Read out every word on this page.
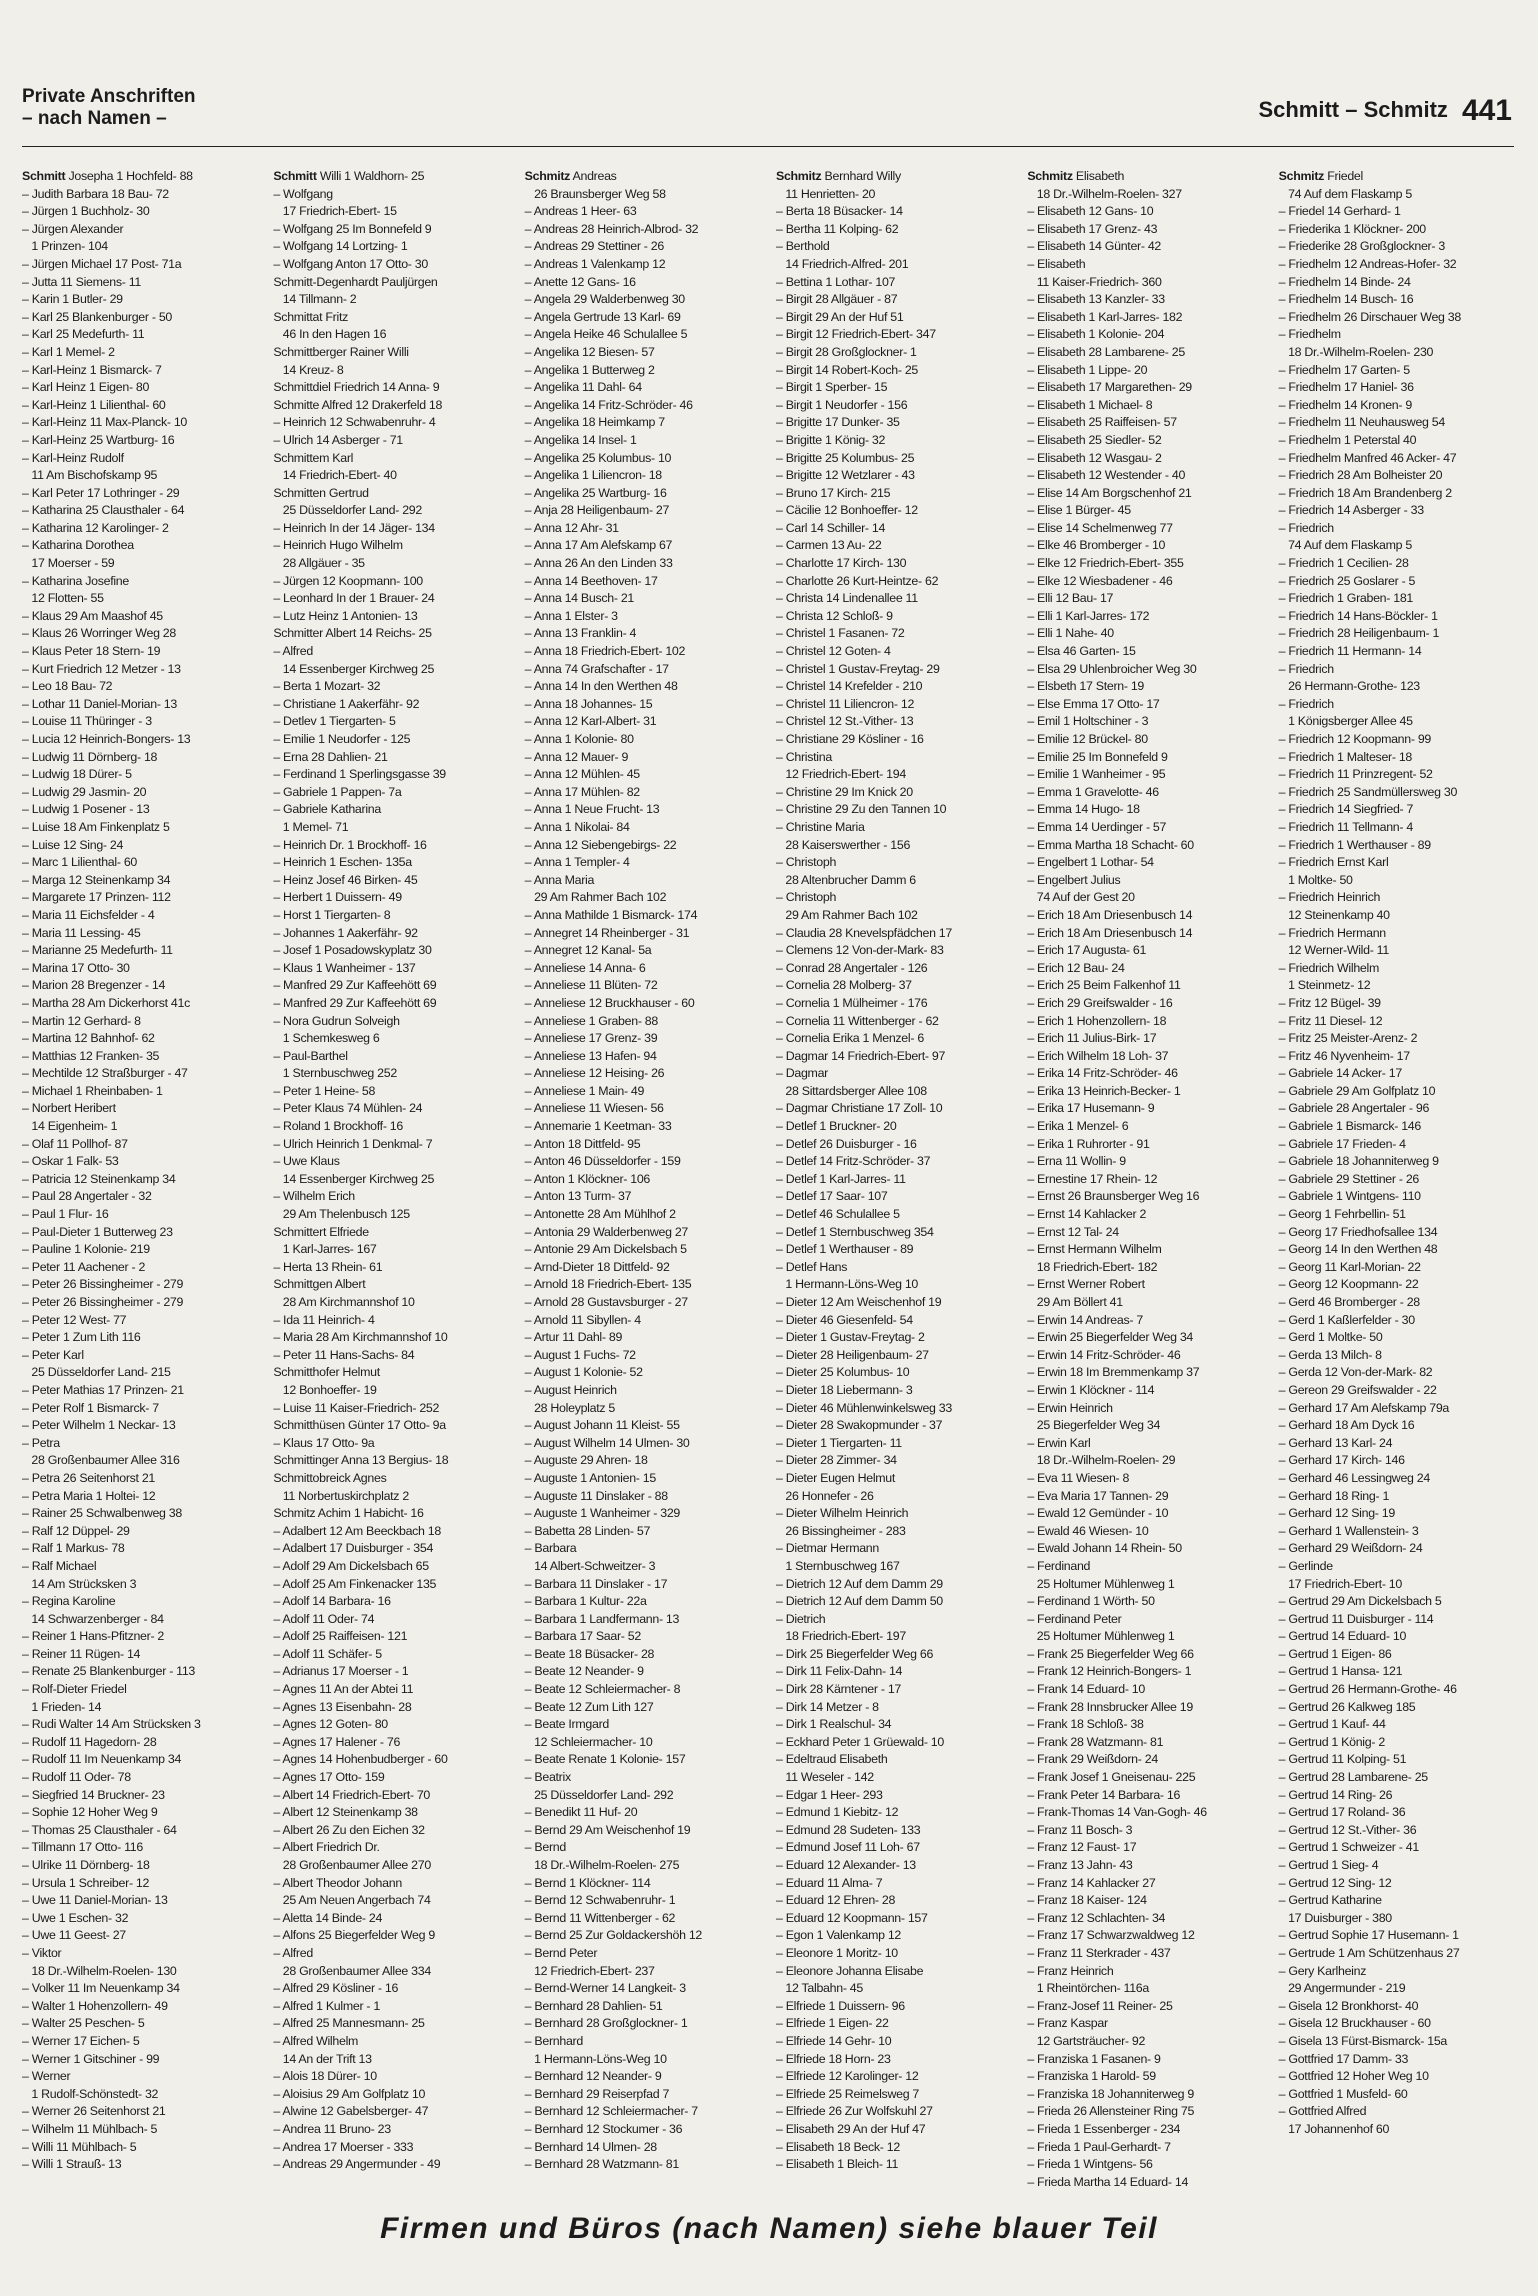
Private Anschriften
– nach Namen –	Schmitt – Schmitz 441
Schmitt Josepha 1 Hochfeld- 88
– Judith Barbara 18 Bau- 72
– Jürgen 1 Buchholz- 30
– Jürgen Alexander
1 Prinzen- 104
– Jürgen Michael 17 Post- 71a
– Jutta 11 Siemens- 11
– Karin 1 Butler- 29
– Karl 25 Blankenburger - 50
– Karl 25 Medefurth- 11
– Karl 1 Memel- 2
– Karl-Heinz 1 Bismarck- 7
– Karl Heinz 1 Eigen- 80
– Karl-Heinz 1 Lilienthal- 60
– Karl-Heinz 11 Max-Planck- 10
– Karl-Heinz 25 Wartburg- 16
– Karl-Heinz Rudolf
11 Am Bischofskamp 95
– Karl Peter 17 Lothringer - 29
– Katharina 25 Clausthaler - 64
– Katharina 12 Karolinger- 2
– Katharina Dorothea
17 Moerser - 59
– Katharina Josefine
12 Flotten- 55
– Klaus 29 Am Maashof 45
– Klaus 26 Worringer Weg 28
– Klaus Peter 18 Stern- 19
– Kurt Friedrich 12 Metzer - 13
– Leo 18 Bau- 72
– Lothar 11 Daniel-Morian- 13
– Louise 11 Thüringer - 3
– Lucia 12 Heinrich-Bongers- 13
– Ludwig 11 Dörnberg- 18
– Ludwig 18 Dürer- 5
– Ludwig 29 Jasmin- 20
– Ludwig 1 Posener - 13
– Luise 18 Am Finkenplatz 5
– Luise 12 Sing- 24
– Marc 1 Lilienthal- 60
– Marga 12 Steinenkamp 34
– Margarete 17 Prinzen- 112
– Maria 11 Eichsfelder - 4
– Maria 11 Lessing- 45
– Marianne 25 Medefurth- 11
– Marina 17 Otto- 30
– Marion 28 Bregenzer - 14
– Martha 28 Am Dickerhorst 41c
– Martin 12 Gerhard- 8
– Martina 12 Bahnhof- 62
– Matthias 12 Franken- 35
– Mechtilde 12 Straßburger - 47
– Michael 1 Rheinbaben- 1
– Norbert Heribert
14 Eigenheim- 1
– Olaf 11 Pollhof- 87
– Oskar 1 Falk- 53
– Patricia 12 Steinenkamp 34
– Paul 28 Angertaler - 32
– Paul 1 Flur- 16
– Paul-Dieter 1 Butterweg 23
– Pauline 1 Kolonie- 219
– Peter 11 Aachener - 2
– Peter 26 Bissingheimer - 279
– Peter 26 Bissingheimer - 279
– Peter 12 West- 77
– Peter 1 Zum Lith 116
– Peter Karl
25 Düsseldorfer Land- 215
– Peter Mathias 17 Prinzen- 21
– Peter Rolf 1 Bismarck- 7
– Peter Wilhelm 1 Neckar- 13
– Petra
28 Großenbaumer Allee 316
– Petra 26 Seitenhorst 21
– Petra Maria 1 Holtei- 12
– Rainer 25 Schwalbenweg 38
– Ralf 12 Düppel- 29
– Ralf 1 Markus- 78
– Ralf Michael
14 Am Strücksken 3
– Regina Karoline
14 Schwarzenberger - 84
– Reiner 1 Hans-Pfitzner- 2
– Reiner 11 Rügen- 14
– Renate 25 Blankenburger - 113
– Rolf-Dieter Friedel
1 Frieden- 14
– Rudi Walter 14 Am Strücksken 3
– Rudolf 11 Hagedorn- 28
– Rudolf 11 Im Neuenkamp 34
– Rudolf 11 Oder- 78
– Siegfried 14 Bruckner- 23
– Sophie 12 Hoher Weg 9
– Thomas 25 Clausthaler - 64
– Tillmann 17 Otto- 116
– Ulrike 11 Dörnberg- 18
– Ursula 1 Schreiber- 12
– Uwe 11 Daniel-Morian- 13
– Uwe 1 Eschen- 32
– Uwe 11 Geest- 27
– Viktor
18 Dr.-Wilhelm-Roelen- 130
– Volker 11 Im Neuenkamp 34
– Walter 1 Hohenzollern- 49
– Walter 25 Peschen- 5
– Werner 17 Eichen- 5
– Werner 1 Gitschiner - 99
– Werner
1 Rudolf-Schönstedt- 32
– Werner 26 Seitenhorst 21
– Wilhelm 11 Mühlbach- 5
– Willi 11 Mühlbach- 5
– Willi 1 Strauß- 13
Schmitt Willi 1 Waldhorn- 25
– Wolfgang
17 Friedrich-Ebert- 15
– Wolfgang 25 Im Bonnefeld 9
– Wolfgang 14 Lortzing- 1
– Wolfgang Anton 17 Otto- 30
Schmitt-Degenhardt Pauljürgen
14 Tillmann- 2
Schmittat Fritz
46 In den Hagen 16
Schmittberger Rainer Willi
14 Kreuz- 8
Schmittdiel Friedrich 14 Anna- 9
Schmitte Alfred 12 Drakerfeld 18
– Heinrich 12 Schwabenruhr- 4
– Ulrich 14 Asberger - 71
Schmittem Karl
14 Friedrich-Ebert- 40
Schmitten Gertrud
25 Düsseldorfer Land- 292
– Heinrich In der 14 Jäger- 134
– Heinrich Hugo Wilhelm
28 Allgäuer - 35
– Jürgen 12 Koopmann- 100
– Leonhard In der 1 Brauer- 24
– Lutz Heinz 1 Antonien- 13
Schmitter Albert 14 Reichs- 25
– Alfred
14 Essenberger Kirchweg 25
– Berta 1 Mozart- 32
– Christiane 1 Aakerfähr- 92
– Detlev 1 Tiergarten- 5
– Emilie 1 Neudorfer - 125
– Erna 28 Dahlien- 21
– Ferdinand 1 Sperlingsgasse 39
– Gabriele 1 Pappen- 7a
– Gabriele Katharina
1 Memel- 71
– Heinrich Dr. 1 Brockhoff- 16
– Heinrich 1 Eschen- 135a
– Heinz Josef 46 Birken- 45
– Herbert 1 Duissern- 49
– Horst 1 Tiergarten- 8
– Johannes 1 Aakerfähr- 92
– Josef 1 Posadowskyplatz 30
– Klaus 1 Wanheimer - 137
– Manfred 29 Zur Kaffeehött 69
– Manfred 29 Zur Kaffeehött 69
– Nora Gudrun Solveigh
1 Schemkesweg 6
– Paul-Barthel
1 Sternbuschweg 252
– Peter 1 Heine- 58
– Peter Klaus 74 Mühlen- 24
– Roland 1 Brockhoff- 16
– Ulrich Heinrich 1 Denkmal- 7
– Uwe Klaus
14 Essenberger Kirchweg 25
– Wilhelm Erich
29 Am Thelenbusch 125
Schmittert Elfriede
1 Karl-Jarres- 167
– Herta 13 Rhein- 61
Schmittgen Albert
28 Am Kirchmannshof 10
– Ida 11 Heinrich- 4
– Maria 28 Am Kirchmannshof 10
– Peter 11 Hans-Sachs- 84
Schmitthofer Helmut
12 Bonhoeffer- 19
– Luise 11 Kaiser-Friedrich- 252
Schmitthüsen Günter 17 Otto- 9a
– Klaus 17 Otto- 9a
Schmittinger Anna 13 Bergius- 18
Schmittobreick Agnes
11 Norbertuskirchplatz 2
Schmitz Achim 1 Habicht- 16
– Adalbert 12 Am Beeckbach 18
– Adalbert 17 Duisburger - 354
– Adolf 29 Am Dickelsbach 65
– Adolf 25 Am Finkenacker 135
– Adolf 14 Barbara- 16
– Adolf 11 Oder- 74
– Adolf 25 Raiffeisen- 121
– Adolf 11 Schäfer- 5
– Adrianus 17 Moerser - 1
– Agnes 11 An der Abtei 11
– Agnes 13 Eisenbahn- 28
– Agnes 12 Goten- 80
– Agnes 17 Halener - 76
– Agnes 14 Hohenbudberger - 60
– Agnes 17 Otto- 159
– Albert 14 Friedrich-Ebert- 70
– Albert 12 Steinenkamp 38
– Albert 26 Zu den Eichen 32
– Albert Friedrich Dr.
28 Großenbaumer Allee 270
– Albert Theodor Johann
25 Am Neuen Angerbach 74
– Aletta 14 Binde- 24
– Alfons 25 Biegerfelder Weg 9
– Alfred
28 Großenbaumer Allee 334
– Alfred 29 Kösliner - 16
– Alfred 1 Kulmer - 1
– Alfred 25 Mannesmann- 25
– Alfred Wilhelm
14 An der Trift 13
– Alois 18 Dürer- 10
– Aloisius 29 Am Golfplatz 10
– Alwine 12 Gabelsberger- 47
– Andrea 11 Bruno- 23
– Andrea 17 Moerser - 333
– Andreas 29 Angermunder - 49
Schmitz Andreas
26 Braunsberger Weg 58
– Andreas 1 Heer- 63
– Andreas 28 Heinrich-Albrod- 32
– Andreas 29 Stettiner - 26
– Andreas 1 Valenkamp 12
– Anette 12 Gans- 16
– Angela 29 Walderbenweg 30
– Angela Gertrude 13 Karl- 69
– Angela Heike 46 Schulallee 5
– Angelika 12 Biesen- 57
– Angelika 1 Butterweg 2
– Angelika 11 Dahl- 64
– Angelika 14 Fritz-Schröder- 46
– Angelika 18 Heimkamp 7
– Angelika 14 Insel- 1
– Angelika 25 Kolumbus- 10
– Angelika 1 Liliencron- 18
– Angelika 25 Wartburg- 16
– Anja 28 Heiligenbaum- 27
– Anna 12 Ahr- 31
– Anna 17 Am Alefskamp 67
– Anna 26 An den Linden 33
– Anna 14 Beethoven- 17
– Anna 14 Busch- 21
– Anna 1 Elster- 3
– Anna 13 Franklin- 4
– Anna 18 Friedrich-Ebert- 102
– Anna 74 Grafschafter - 17
– Anna 14 In den Werthen 48
– Anna 18 Johannes- 15
– Anna 12 Karl-Albert- 31
– Anna 1 Kolonie- 80
– Anna 12 Mauer- 9
– Anna 12 Mühlen- 45
– Anna 17 Mühlen- 82
– Anna 1 Neue Frucht- 13
– Anna 1 Nikolai- 84
– Anna 12 Siebengebirgs- 22
– Anna 1 Templer- 4
– Anna Maria
29 Am Rahmer Bach 102
– Anna Mathilde 1 Bismarck- 174
– Annegret 14 Rheinberger - 31
– Annegret 12 Kanal- 5a
– Anneliese 14 Anna- 6
– Anneliese 11 Blüten- 72
– Anneliese 12 Bruckhauser - 60
– Anneliese 1 Graben- 88
– Anneliese 17 Grenz- 39
– Anneliese 13 Hafen- 94
– Anneliese 12 Heising- 26
– Anneliese 1 Main- 49
– Anneliese 11 Wiesen- 56
– Annemarie 1 Keetman- 33
– Anton 18 Dittfeld- 95
– Anton 46 Düsseldorfer - 159
– Anton 1 Klöckner- 106
– Anton 13 Turm- 37
– Antonette 28 Am Mühlhof 2
– Antonia 29 Walderbenweg 27
– Antonie 29 Am Dickelsbach 5
– Arnd-Dieter 18 Dittfeld- 92
– Arnold 18 Friedrich-Ebert- 135
– Arnold 28 Gustavsburger - 27
– Arnold 11 Sibyllen- 4
– Artur 11 Dahl- 89
– August 1 Fuchs- 72
– August 1 Kolonie- 52
– August Heinrich
28 Holeyplatz 5
– August Johann 11 Kleist- 55
– August Wilhelm 14 Ulmen- 30
– Auguste 29 Ahren- 18
– Auguste 1 Antonien- 15
– Auguste 11 Dinslaker - 88
– Auguste 1 Wanheimer - 329
– Babetta 28 Linden- 57
– Barbara
14 Albert-Schweitzer- 3
– Barbara 11 Dinslaker - 17
– Barbara 1 Kultur- 22a
– Barbara 1 Landfermann- 13
– Barbara 17 Saar- 52
– Beate 18 Büsacker- 28
– Beate 12 Neander- 9
– Beate 12 Schleiermacher- 8
– Beate 12 Zum Lith 127
– Beate Irmgard
12 Schleiermacher- 10
– Beate Renate 1 Kolonie- 157
– Beatrix
25 Düsseldorfer Land- 292
– Benedikt 11 Huf- 20
– Bernd 29 Am Weischenhof 19
– Bernd
18 Dr.-Wilhelm-Roelen- 275
– Bernd 1 Klöckner- 114
– Bernd 12 Schwabenruhr- 1
– Bernd 11 Wittenberger - 62
– Bernd 25 Zur Goldackershöh 12
– Bernd Peter
12 Friedrich-Ebert- 237
– Bernd-Werner 14 Langkeit- 3
– Bernhard 28 Dahlien- 51
– Bernhard 28 Großglockner- 1
– Bernhard
1 Hermann-Löns-Weg 10
– Bernhard 12 Neander- 9
– Bernhard 29 Reiserpfad 7
– Bernhard 12 Schleiermacher- 7
– Bernhard 12 Stockumer - 36
– Bernhard 14 Ulmen- 28
– Bernhard 28 Watzmann- 81
Schmitz Bernhard Willy
11 Henrietten- 20
– Berta 18 Büsacker- 14
– Bertha 11 Kolping- 62
– Berthold
14 Friedrich-Alfred- 201
– Bettina 1 Lothar- 107
– Birgit 28 Allgäuer - 87
– Birgit 29 An der Huf 51
– Birgit 12 Friedrich-Ebert- 347
– Birgit 28 Großglockner- 1
– Birgit 14 Robert-Koch- 25
– Birgit 1 Sperber- 15
– Birgit 1 Neudorfer - 156
– Brigitte 17 Dunker- 35
– Brigitte 1 König- 32
– Brigitte 25 Kolumbus- 25
– Brigitte 12 Wetzlarer - 43
– Bruno 17 Kirch- 215
– Cäcilie 12 Bonhoeffer- 12
– Carl 14 Schiller- 14
– Carmen 13 Au- 22
– Charlotte 17 Kirch- 130
– Charlotte 26 Kurt-Heintze- 62
– Christa 14 Lindenallee 11
– Christa 12 Schloß- 9
– Christel 1 Fasanen- 72
– Christel 12 Goten- 4
– Christel 1 Gustav-Freytag- 29
– Christel 14 Krefelder - 210
– Christel 11 Liliencron- 12
– Christel 12 St.-Vither- 13
– Christiane 29 Kösliner - 16
– Christina
12 Friedrich-Ebert- 194
– Christine 29 Im Knick 20
– Christine 29 Zu den Tannen 10
– Christine Maria
28 Kaiserswerther - 156
– Christoph
28 Altenbrucher Damm 6
– Christoph
29 Am Rahmer Bach 102
– Claudia 28 Knevelspfädchen 17
– Clemens 12 Von-der-Mark- 83
– Conrad 28 Angertaler - 126
– Cornelia 28 Molberg- 37
– Cornelia 1 Mülheimer - 176
– Cornelia 11 Wittenberger - 62
– Cornelia Erika 1 Menzel- 6
– Dagmar 14 Friedrich-Ebert- 97
– Dagmar
28 Sittardsberger Allee 108
– Dagmar Christiane 17 Zoll- 10
– Detlef 1 Bruckner- 20
– Detlef 26 Duisburger - 16
– Detlef 14 Fritz-Schröder- 37
– Detlef 1 Karl-Jarres- 11
– Detlef 17 Saar- 107
– Detlef 46 Schulallee 5
– Detlef 1 Sternbuschweg 354
– Detlef 1 Werthauser - 89
– Detlef Hans
1 Hermann-Löns-Weg 10
– Dieter 12 Am Weischenhof 19
– Dieter 46 Giesenfeld- 54
– Dieter 1 Gustav-Freytag- 2
– Dieter 28 Heiligenbaum- 27
– Dieter 25 Kolumbus- 10
– Dieter 18 Liebermann- 3
– Dieter 46 Mühlenwinkelsweg 33
– Dieter 28 Swakopmunder - 37
– Dieter 1 Tiergarten- 11
– Dieter 28 Zimmer- 34
– Dieter Eugen Helmut
26 Honnefer - 26
– Dieter Wilhelm Heinrich
26 Bissingheimer - 283
– Dietmar Hermann
1 Sternbuschweg 167
– Dietrich 12 Auf dem Damm 29
– Dietrich 12 Auf dem Damm 50
– Dietrich
18 Friedrich-Ebert- 197
– Dirk 25 Biegerfelder Weg 66
– Dirk 11 Felix-Dahn- 14
– Dirk 28 Kärntener - 17
– Dirk 14 Metzer - 8
– Dirk 1 Realschul- 34
– Eckhard Peter 1 Grüewald- 10
– Edeltraud Elisabeth
11 Weseler - 142
– Edgar 1 Heer- 293
– Edmund 1 Kiebitz- 12
– Edmund 28 Sudeten- 133
– Edmund Josef 11 Loh- 67
– Eduard 12 Alexander- 13
– Eduard 11 Alma- 7
– Eduard 12 Ehren- 28
– Eduard 12 Koopmann- 157
– Egon 1 Valenkamp 12
– Eleonore 1 Moritz- 10
– Eleonore Johanna Elisabe
12 Talbahn- 45
– Elfriede 1 Duissern- 96
– Elfriede 1 Eigen- 22
– Elfriede 14 Gehr- 10
– Elfriede 18 Horn- 23
– Elfriede 12 Karolinger- 12
– Elfriede 25 Reimelsweg 7
– Elfriede 26 Zur Wolfskuhl 27
– Elisabeth 29 An der Huf 47
– Elisabeth 18 Beck- 12
– Elisabeth 1 Bleich- 11
Schmitz Elisabeth
18 Dr.-Wilhelm-Roelen- 327
– Elisabeth 12 Gans- 10
– Elisabeth 17 Grenz- 43
– Elisabeth 14 Günter- 42
– Elisabeth
11 Kaiser-Friedrich- 360
– Elisabeth 13 Kanzler- 33
– Elisabeth 1 Karl-Jarres- 182
– Elisabeth 1 Kolonie- 204
– Elisabeth 28 Lambarene- 25
– Elisabeth 1 Lippe- 20
– Elisabeth 17 Margarethen- 29
– Elisabeth 1 Michael- 8
– Elisabeth 25 Raiffeisen- 57
– Elisabeth 25 Siedler- 52
– Elisabeth 12 Wasgau- 2
– Elisabeth 12 Westender - 40
– Elise 14 Am Borgschenhof 21
– Elise 1 Bürger- 45
– Elise 14 Schelmenweg 77
– Elke 46 Bromberger - 10
– Elke 12 Friedrich-Ebert- 355
– Elke 12 Wiesbadener - 46
– Elli 12 Bau- 17
– Elli 1 Karl-Jarres- 172
– Elli 1 Nahe- 40
– Elsa 46 Garten- 15
– Elsa 29 Uhlenbroicher Weg 30
– Elsbeth 17 Stern- 19
– Else Emma 17 Otto- 17
– Emil 1 Holtschiner - 3
– Emilie 12 Brückel- 80
– Emilie 25 Im Bonnefeld 9
– Emilie 1 Wanheimer - 95
– Emma 1 Gravelotte- 46
– Emma 14 Hugo- 18
– Emma 14 Uerdinger - 57
– Emma Martha 18 Schacht- 60
– Engelbert 1 Lothar- 54
– Engelbert Julius
74 Auf der Gest 20
– Erich 18 Am Driesenbusch 14
– Erich 18 Am Driesenbusch 14
– Erich 17 Augusta- 61
– Erich 12 Bau- 24
– Erich 25 Beim Falkenhof 11
– Erich 29 Greifswalder - 16
– Erich 1 Hohenzollern- 18
– Erich 11 Julius-Birk- 17
– Erich Wilhelm 18 Loh- 37
– Erika 14 Fritz-Schröder- 46
– Erika 13 Heinrich-Becker- 1
– Erika 17 Husemann- 9
– Erika 1 Menzel- 6
– Erika 1 Ruhrorter - 91
– Erna 11 Wollin- 9
– Ernestine 17 Rhein- 12
– Ernst 26 Braunsberger Weg 16
– Ernst 14 Kahlacker 2
– Ernst 12 Tal- 24
– Ernst Hermann Wilhelm
18 Friedrich-Ebert- 182
– Ernst Werner Robert
29 Am Böllert 41
– Erwin 14 Andreas- 7
– Erwin 25 Biegerfelder Weg 34
– Erwin 14 Fritz-Schröder- 46
– Erwin 18 Im Bremmenkamp 37
– Erwin 1 Klöckner - 114
– Erwin Heinrich
25 Biegerfelder Weg 34
– Erwin Karl
18 Dr.-Wilhelm-Roelen- 29
– Eva 11 Wiesen- 8
– Eva Maria 17 Tannen- 29
– Ewald 12 Gemünder - 10
– Ewald 46 Wiesen- 10
– Ewald Johann 14 Rhein- 50
– Ferdinand
25 Holtumer Mühlenweg 1
– Ferdinand 1 Wörth- 50
– Ferdinand Peter
25 Holtumer Mühlenweg 1
– Frank 25 Biegerfelder Weg 66
– Frank 12 Heinrich-Bongers- 1
– Frank 14 Eduard- 10
– Frank 28 Innsbrucker Allee 19
– Frank 18 Schloß- 38
– Frank 28 Watzmann- 81
– Frank 29 Weißdorn- 24
– Frank Josef 1 Gneisenau- 225
– Frank Peter 14 Barbara- 16
– Frank-Thomas 14 Van-Gogh- 46
– Franz 11 Bosch- 3
– Franz 12 Faust- 17
– Franz 13 Jahn- 43
– Franz 14 Kahlacker 27
– Franz 18 Kaiser- 124
– Franz 12 Schlachten- 34
– Franz 17 Schwarzwaldweg 12
– Franz 11 Sterkrader - 437
– Franz Heinrich
1 Rheintörchen- 116a
– Franz-Josef 11 Reiner- 25
– Franz Kaspar
12 Gartsträucher- 92
– Franziska 1 Fasanen- 9
– Franziska 1 Harold- 59
– Franziska 18 Johanniterweg 9
– Frieda 26 Allensteiner Ring 75
– Frieda 1 Essenberger - 234
– Frieda 1 Paul-Gerhardt- 7
– Frieda 1 Wintgens- 56
– Frieda Martha 14 Eduard- 14
Schmitz Friedel
74 Auf dem Flaskamp 5
– Friedel 14 Gerhard- 1
– Friederika 1 Klöckner- 200
– Friederike 28 Großglockner- 3
– Friedhelm 12 Andreas-Hofer- 32
– Friedhelm 14 Binde- 24
– Friedhelm 14 Busch- 16
– Friedhelm 26 Dirschauer Weg 38
– Friedhelm
18 Dr.-Wilhelm-Roelen- 230
– Friedhelm 17 Garten- 5
– Friedhelm 17 Haniel- 36
– Friedhelm 14 Kronen- 9
– Friedhelm 11 Neuhausweg 54
– Friedhelm 1 Peterstal 40
– Friedhelm Manfred 46 Acker- 47
– Friedrich 28 Am Bolheister 20
– Friedrich 18 Am Brandenberg 2
– Friedrich 14 Asberger - 33
– Friedrich
74 Auf dem Flaskamp 5
– Friedrich 1 Cecilien- 28
– Friedrich 25 Goslarer - 5
– Friedrich 1 Graben- 181
– Friedrich 14 Hans-Böckler- 1
– Friedrich 28 Heiligenbaum- 1
– Friedrich 11 Hermann- 14
– Friedrich
26 Hermann-Grothe- 123
– Friedrich
1 Königsberger Allee 45
– Friedrich 12 Koopmann- 99
– Friedrich 1 Malteser- 18
– Friedrich 11 Prinzregent- 52
– Friedrich 25 Sandmüllersweg 30
– Friedrich 14 Siegfried- 7
– Friedrich 11 Tellmann- 4
– Friedrich 1 Werthauser - 89
– Friedrich Ernst Karl
1 Moltke- 50
– Friedrich Heinrich
12 Steinenkamp 40
– Friedrich Hermann
12 Werner-Wild- 11
– Friedrich Wilhelm
1 Steinmetz- 12
– Fritz 12 Bügel- 39
– Fritz 11 Diesel- 12
– Fritz 25 Meister-Arenz- 2
– Fritz 46 Nyvenheim- 17
– Gabriele 14 Acker- 17
– Gabriele 29 Am Golfplatz 10
– Gabriele 28 Angertaler - 96
– Gabriele 1 Bismarck- 146
– Gabriele 17 Frieden- 4
– Gabriele 18 Johanniterweg 9
– Gabriele 29 Stettiner - 26
– Gabriele 1 Wintgens- 110
– Georg 1 Fehrbellin- 51
– Georg 17 Friedhofsallee 134
– Georg 14 In den Werthen 48
– Georg 11 Karl-Morian- 22
– Georg 12 Koopmann- 22
– Gerd 46 Bromberger - 28
– Gerd 1 Kaßlerfelder - 30
– Gerd 1 Moltke- 50
– Gerda 13 Milch- 8
– Gerda 12 Von-der-Mark- 82
– Gereon 29 Greifswalder - 22
– Gerhard 17 Am Alefskamp 79a
– Gerhard 18 Am Dyck 16
– Gerhard 13 Karl- 24
– Gerhard 17 Kirch- 146
– Gerhard 46 Lessingweg 24
– Gerhard 18 Ring- 1
– Gerhard 12 Sing- 19
– Gerhard 1 Wallenstein- 3
– Gerhard 29 Weißdorn- 24
– Gerlinde
17 Friedrich-Ebert- 10
– Gertrud 29 Am Dickelsbach 5
– Gertrud 11 Duisburger - 114
– Gertrud 14 Eduard- 10
– Gertrud 1 Eigen- 86
– Gertrud 1 Hansa- 121
– Gertrud 26 Hermann-Grothe- 46
– Gertrud 26 Kalkweg 185
– Gertrud 1 Kauf- 44
– Gertrud 1 König- 2
– Gertrud 11 Kolping- 51
– Gertrud 28 Lambarene- 25
– Gertrud 14 Ring- 26
– Gertrud 17 Roland- 36
– Gertrud 12 St.-Vither- 36
– Gertrud 1 Schweizer - 41
– Gertrud 1 Sieg- 4
– Gertrud 12 Sing- 12
– Gertrud Katharine
17 Duisburger - 380
– Gertrud Sophie 17 Husemann- 1
– Gertrude 1 Am Schützenhaus 27
– Gery Karlheinz
29 Angermunder - 219
– Gisela 12 Bronkhorst- 40
– Gisela 12 Bruckhauser - 60
– Gisela 13 Fürst-Bismarck- 15a
– Gottfried 17 Damm- 33
– Gottfried 12 Hoher Weg 10
– Gottfried 1 Musfeld- 60
– Gottfried Alfred
17 Johannenhof 60
Firmen und Büros (nach Namen) siehe blauer Teil
